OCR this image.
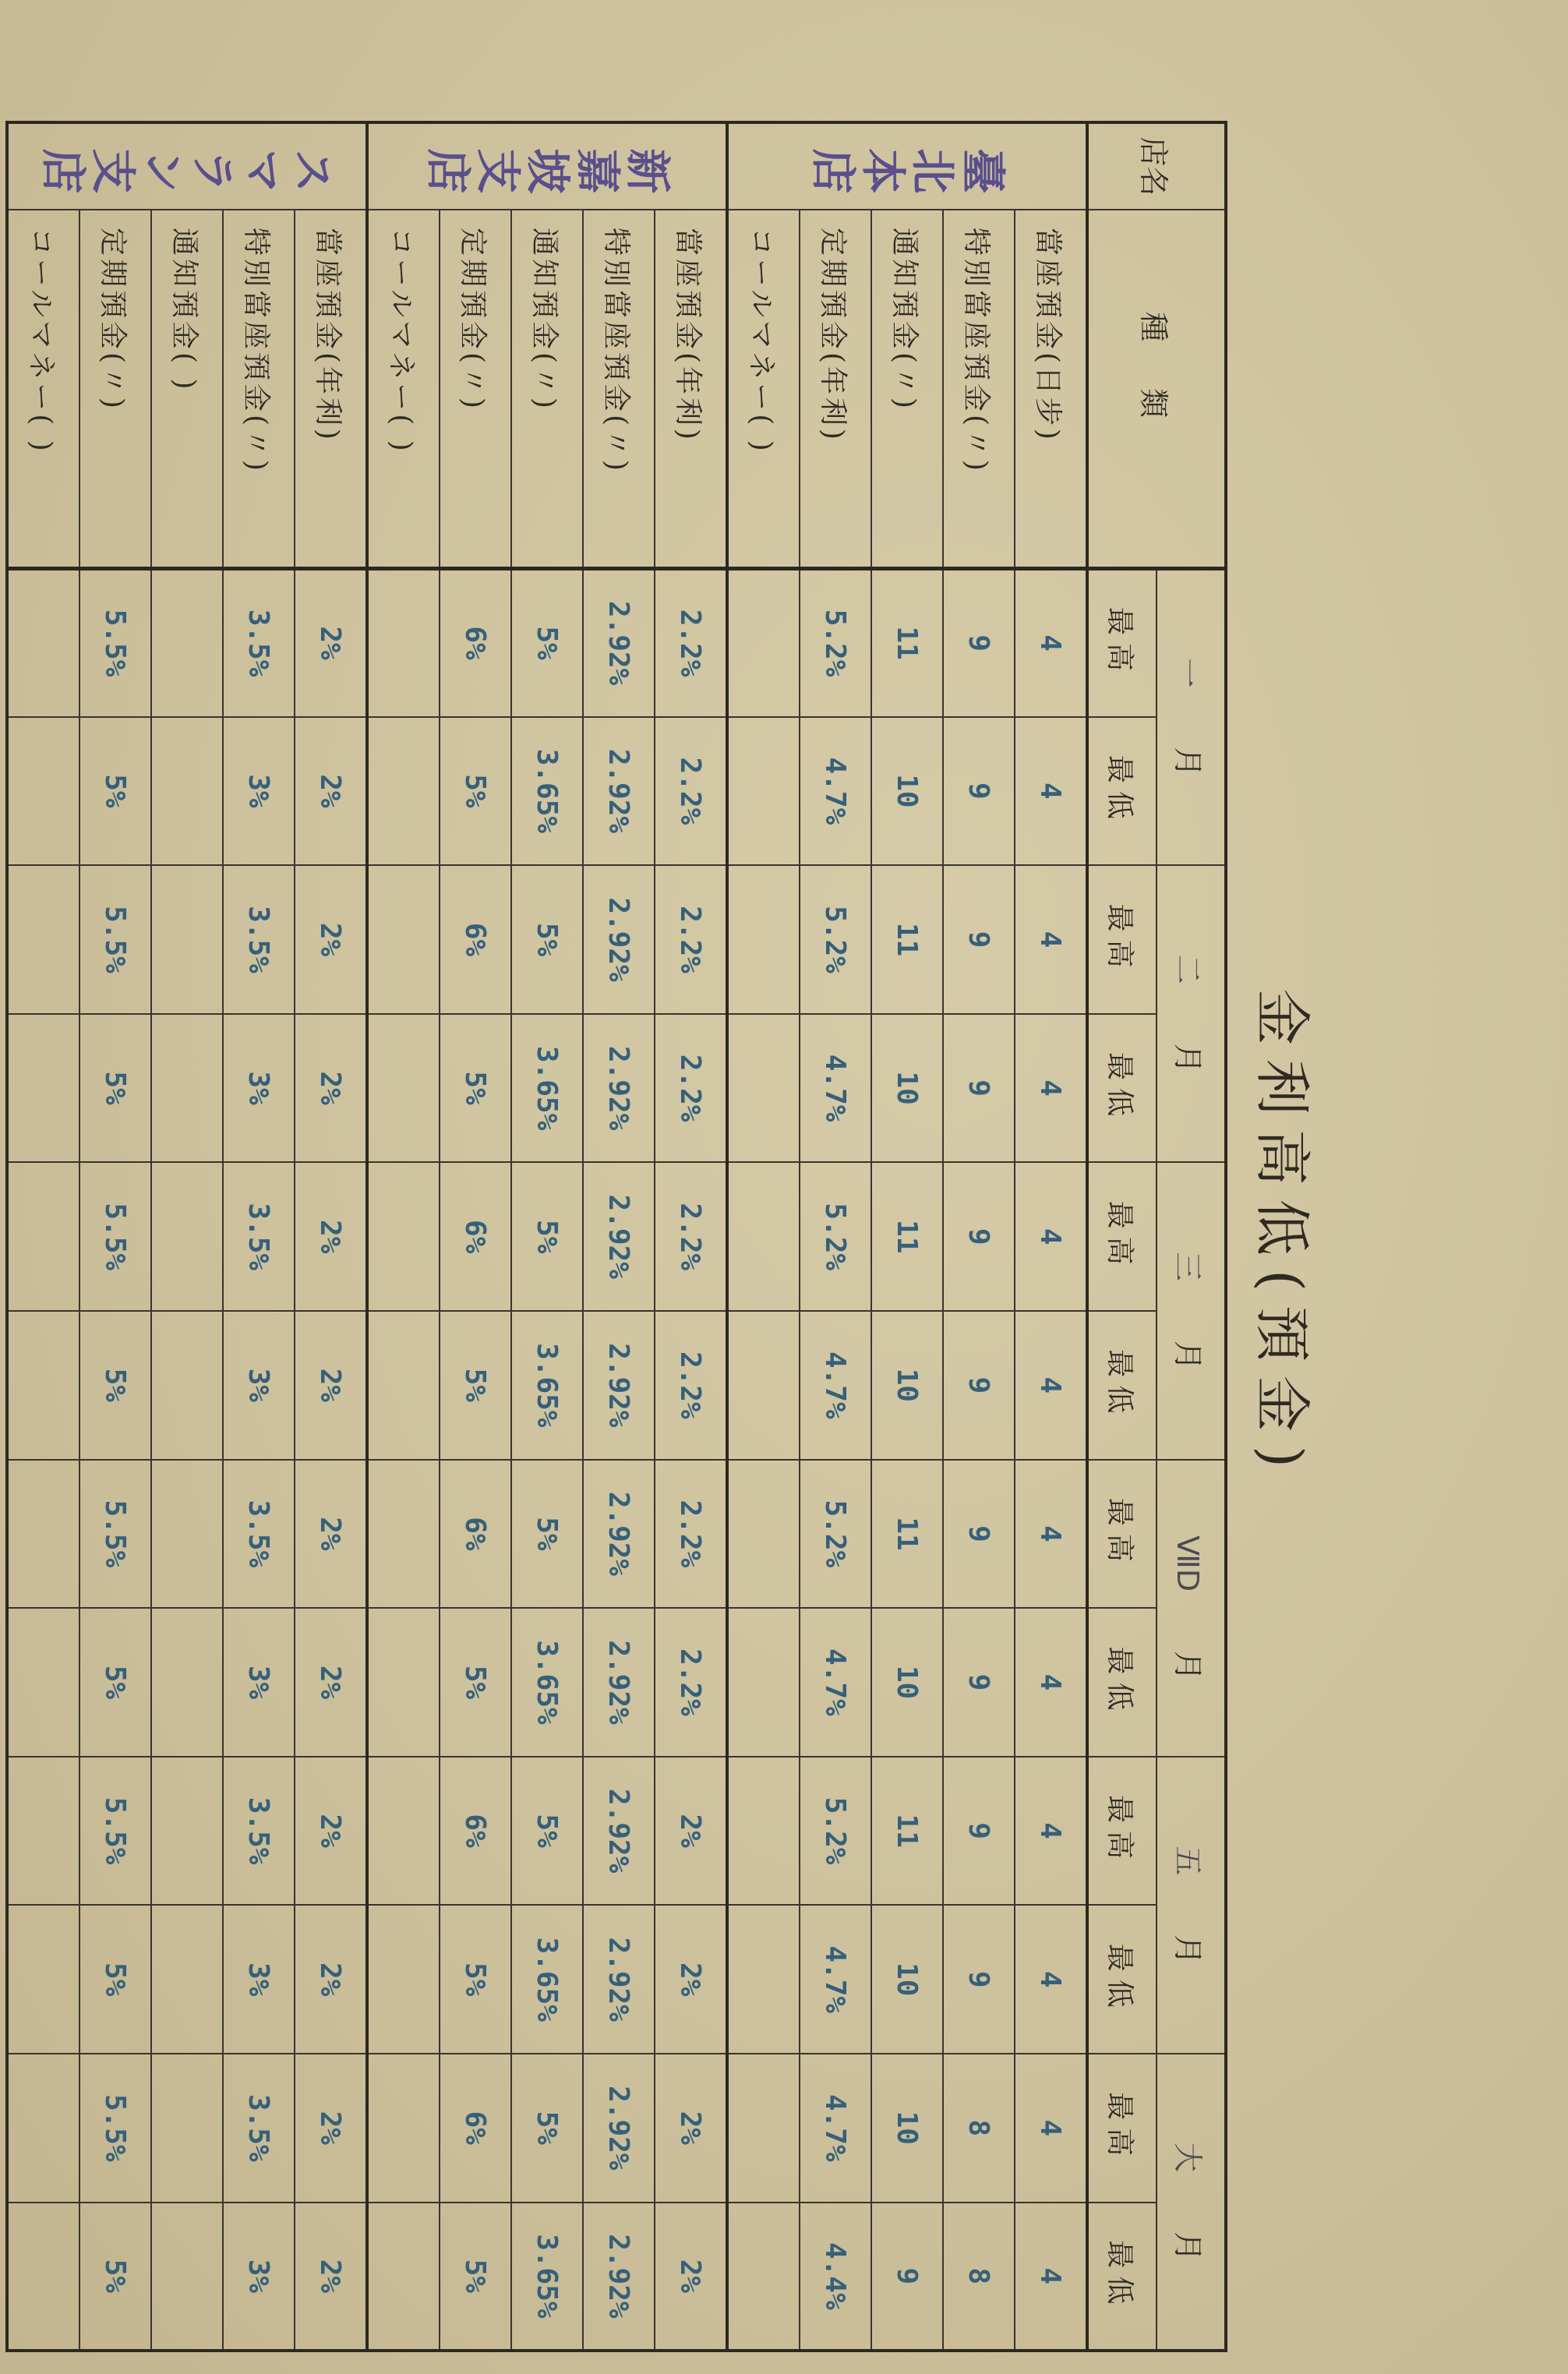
金利高低(預金)
店名	種類	一　　月		二　　月		三　　月		ⅦD　　月		五　　月		大　　月	
		最高	最低	最高	最低	最高	最低	最高	最低	最高	最低	最高	最低
臺北本店	當座預金(日步)	4	4	4	4	4	4	4	4	4	4	4	4
	特別當座預金(〃)	9	9	9	9	9	9	9	9	9	9	8	8
	通知預金(〃)	11	10	11	10	11	10	11	10	11	10	10	9
	定期預金(年利)	5.2%	4.7%	5.2%	4.7%	5.2%	4.7%	5.2%	4.7%	5.2%	4.7%	4.7%	4.4%
	コールマネー( )												
新嘉坡支店	當座預金(年利)	2.2%	2.2%	2.2%	2.2%	2.2%	2.2%	2.2%	2.2%	2%	2%	2%	2%
	特別當座預金(〃)	2.92%	2.92%	2.92%	2.92%	2.92%	2.92%	2.92%	2.92%	2.92%	2.92%	2.92%	2.92%
	通知預金(〃)	5%	3.65%	5%	3.65%	5%	3.65%	5%	3.65%	5%	3.65%	5%	3.65%
	定期預金(〃)	6%	5%	6%	5%	6%	5%	6%	5%	6%	5%	6%	5%
	コールマネー( )												
スマラン支店	當座預金(年利)	2%	2%	2%	2%	2%	2%	2%	2%	2%	2%	2%	2%
	特別當座預金(〃)	3.5%	3%	3.5%	3%	3.5%	3%	3.5%	3%	3.5%	3%	3.5%	3%
	通知預金( )												
	定期預金(〃)	5.5%	5%	5.5%	5%	5.5%	5%	5.5%	5%	5.5%	5%	5.5%	5%
	コールマネー( )												
